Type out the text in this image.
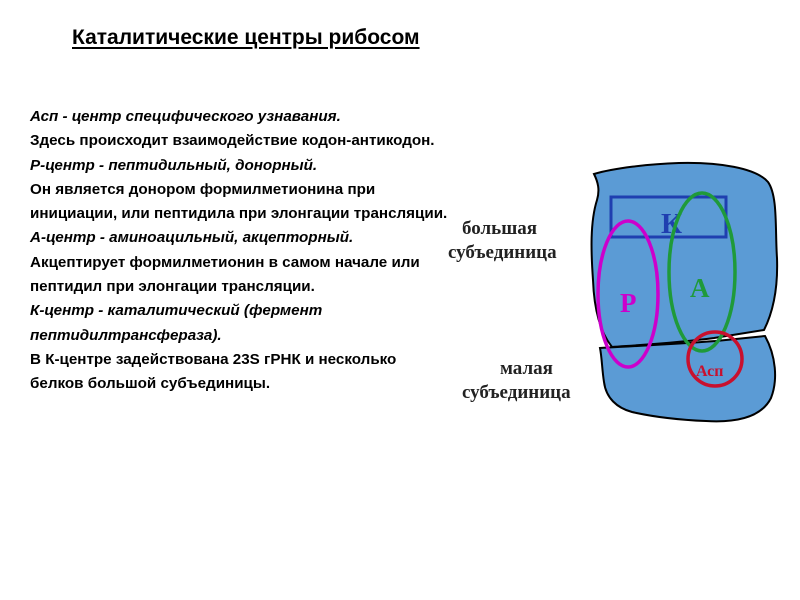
Каталитические центры рибосом

Асп - центр специфического узнавания.

Здесь происходит взаимодействие кодон-антикодон.

Р-центр - пептидильный, донорный.

Он является донором формилметионина при инициации, или пептидила при элонгации трансляции.

А-центр - аминоацильный, акцепторный.

Акцептирует формилметионин в самом начале или пептидил при элонгации трансляции.

К-центр - каталитический (фермент пептидилтрансфераза).

В К-центре задействована 23S гРНК и несколько белков большой субъединицы.

К
Р А
Асп
большая
субъединица
малая
субъединица
